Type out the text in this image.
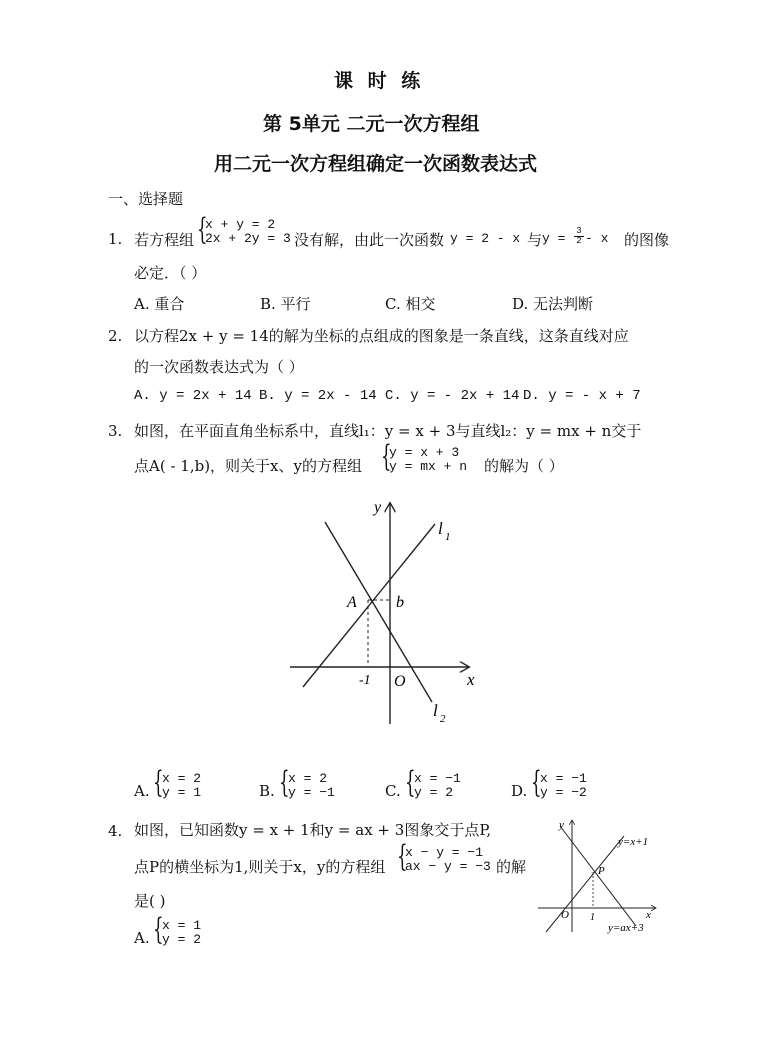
课 时 练
第 5单元 二元一次方程组
用二元一次方程组确定一次函数表达式
一、选择题
1. 若方程组 {
x + y = 2
2x + 2y = 3 没有解，由此一次函数 y = 2 - x 与 $y = \frac{3}{2} - x$ 的图像
必定．（ ）
A. 重合	B. 平行	C. 相交	D. 无法判断
2. 以方程2x + y = 14的解为坐标的点组成的图象是一条直线，这条直线对应
的一次函数表达式为（ ）
A. y = 2x + 14 B. y = 2x - 14 C. y = - 2x + 14 D. y = - x + 7
3. 如图，在平面直角坐标系中，直线l₁：y = x + 3与直线l₂：y = mx + n交于
点A( - 1,b)，则关于x、y的方程组 {
y = x + 3
y = mx + n 的解为（ ）
y
x
l 1
l 2
A b
-1 O
A. {
x = 2
y = 1	B. {
x = 2
y = −1	C. {
x = −1
y = 2	D. {
x = −1
y = −2
4. 如图，已知函数y = x + 1和y = ax + 3图象交于点P,
点P的横坐标为1,则关于x，y的方程组 {
x − y = −1
ax − y = −3 的解
是( )
A. {
x = 1
y = 2
y
x
y=x+1
y=ax+3
P
O 1
